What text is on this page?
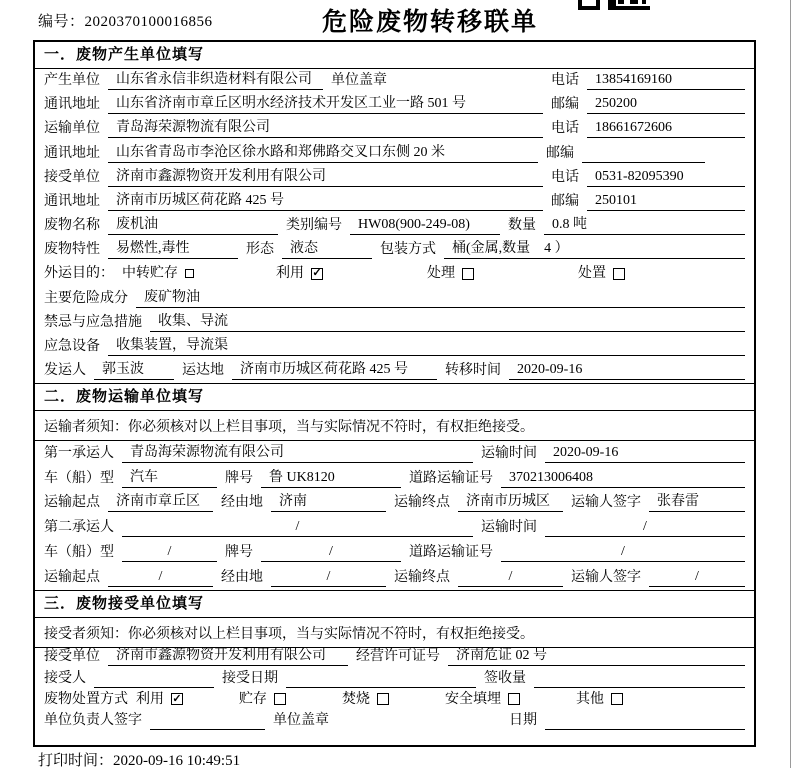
编号：2020370100016856	危险废物转移联单
一．废物产生单位填写
产生单位	山东省永信非织造材料有限公司	单位盖章	电话	13854169160
通讯地址	山东省济南市章丘区明水经济技术开发区工业一路 501 号	邮编	250200
运输单位	青岛海荣源物流有限公司	电话	18661672606
通讯地址	山东省青岛市李沧区徐水路和郑佛路交叉口东侧 20 米	邮编
接受单位	济南市鑫源物资开发利用有限公司	电话	0531-82095390
通讯地址	济南市历城区荷花路 425 号	邮编	250101
废物名称	废机油	类别编号	HW08(900-249-08)	数量	0.8 吨
废物特性	易燃性,毒性	形态	液态	包装方式	桶(金属,数量　4 ）
外运目的： 中转贮存	利用 ✓	处理	处置
主要危险成分	废矿物油
禁忌与应急措施	收集、导流
应急设备	收集装置，导流渠
发运人	郭玉波	运达地	济南市历城区荷花路 425 号	转移时间	2020-09-16
二．废物运输单位填写
运输者须知：你必须核对以上栏目事项，当与实际情况不符时，有权拒绝接受。
第一承运人	青岛海荣源物流有限公司	运输时间	2020-09-16
车（船）型	汽车	牌号	鲁 UK8120	道路运输证号	370213006408
运输起点	济南市章丘区	经由地	济南	运输终点	济南市历城区	运输人签字	张春雷
第二承运人	/	运输时间	/
车（船）型	/	牌号	/	道路运输证号	/
运输起点	/	经由地	/	运输终点	/	运输人签字	/
三．废物接受单位填写
接受者须知：你必须核对以上栏目事项，当与实际情况不符时，有权拒绝接受。
接受单位	济南市鑫源物资开发利用有限公司	经营许可证号	济南危证 02 号
接受人	接受日期	签收量
废物处置方式 利用 ✓	贮存	焚烧	安全填埋	其他
单位负责人签字	单位盖章	日期
打印时间：2020-09-16 10:49:51
